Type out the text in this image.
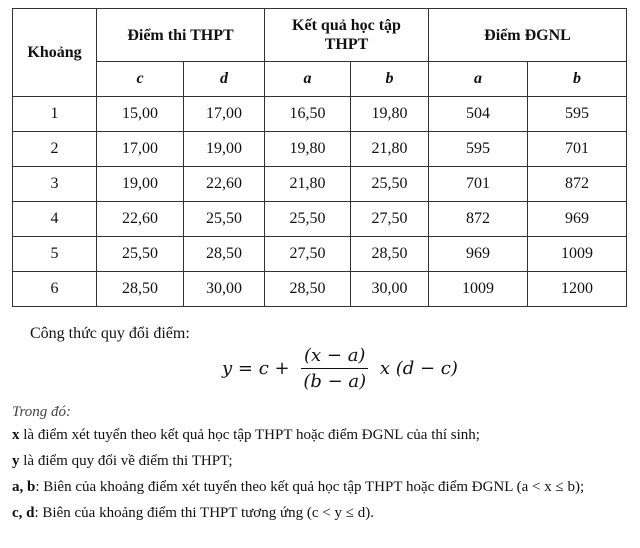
Khoảng	Điểm thi THPT		Kết quả học tập THPT		Điểm ĐGNL	
	c	d	a	b	a	b
1	15,00	17,00	16,50	19,80	504	595
2	17,00	19,00	19,80	21,80	595	701
3	19,00	22,60	21,80	25,50	701	872
4	22,60	25,50	25,50	27,50	872	969
5	25,50	28,50	27,50	28,50	969	1009
6	28,50	30,00	28,50	30,00	1009	1200
Công thức quy đổi điểm:
$y = c + \frac{(x - a)}{(b - a)}$ x (d − c)
Trong đó:

x là điểm xét tuyển theo kết quả học tập THPT hoặc điểm ĐGNL của thí sinh;

y là điểm quy đổi về điểm thi THPT;

a, b: Biên của khoảng điểm xét tuyển theo kết quả học tập THPT hoặc điểm ĐGNL (a < x ≤ b);

c, d: Biên của khoảng điểm thi THPT tương ứng (c < y ≤ d).
